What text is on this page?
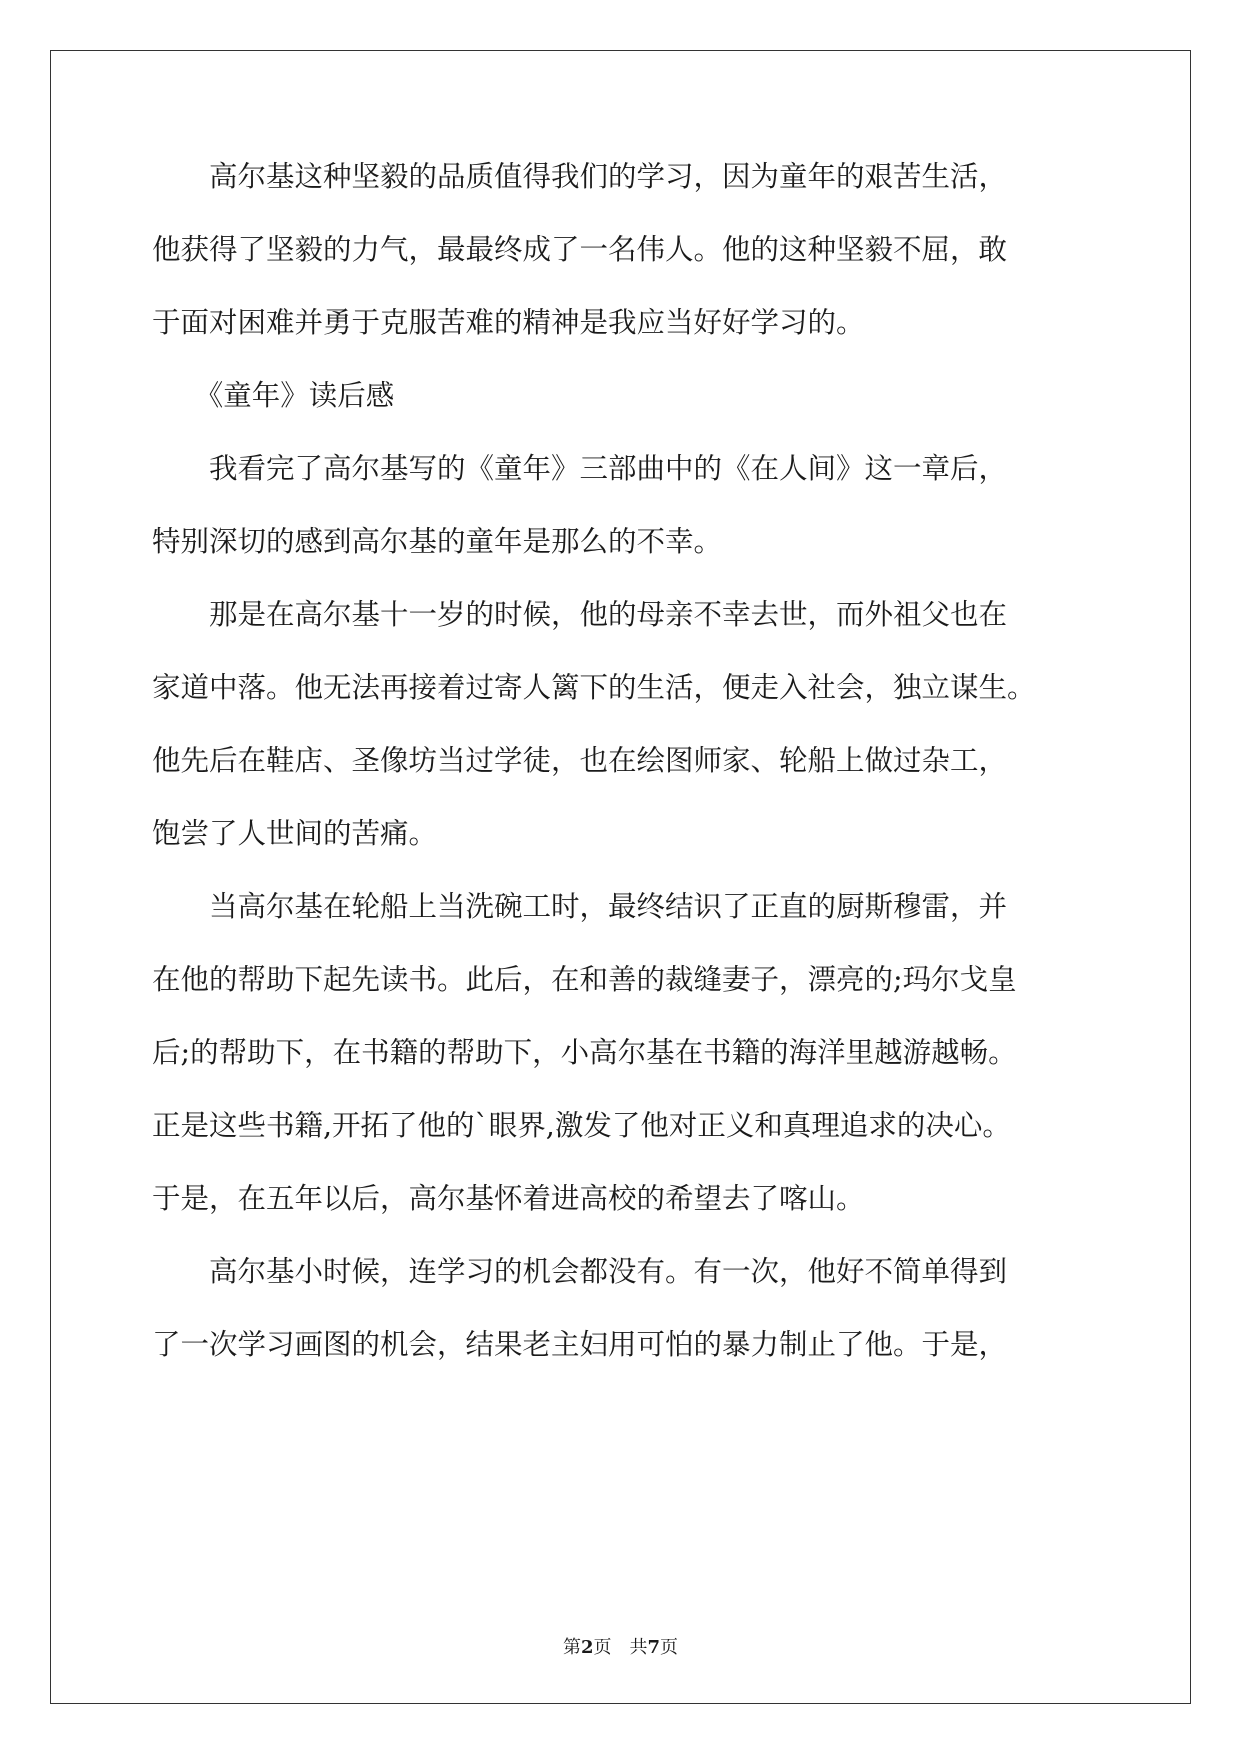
　　高尔基这种坚毅的品质值得我们的学习，因为童年的艰苦生活，
他获得了坚毅的力气，最最终成了一名伟人。他的这种坚毅不屈，敢
于面对困难并勇于克服苦难的精神是我应当好好学习的。
　　《童年》读后感
　　我看完了高尔基写的《童年》三部曲中的《在人间》这一章后，
特别深切的感到高尔基的童年是那么的不幸。
　　那是在高尔基十一岁的时候，他的母亲不幸去世，而外祖父也在
家道中落。他无法再接着过寄人篱下的生活，便走入社会，独立谋生。
他先后在鞋店、圣像坊当过学徒，也在绘图师家、轮船上做过杂工，
饱尝了人世间的苦痛。
　　当高尔基在轮船上当洗碗工时，最终结识了正直的厨斯穆雷，并
在他的帮助下起先读书。此后，在和善的裁缝妻子，漂亮的;玛尔戈皇
后;的帮助下，在书籍的帮助下，小高尔基在书籍的海洋里越游越畅。
正是这些书籍,开拓了他的`眼界,激发了他对正义和真理追求的决心。
于是，在五年以后，高尔基怀着进高校的希望去了喀山。
　　高尔基小时候，连学习的机会都没有。有一次，他好不简单得到
了一次学习画图的机会，结果老主妇用可怕的暴力制止了他。于是，
第2页　共7页
